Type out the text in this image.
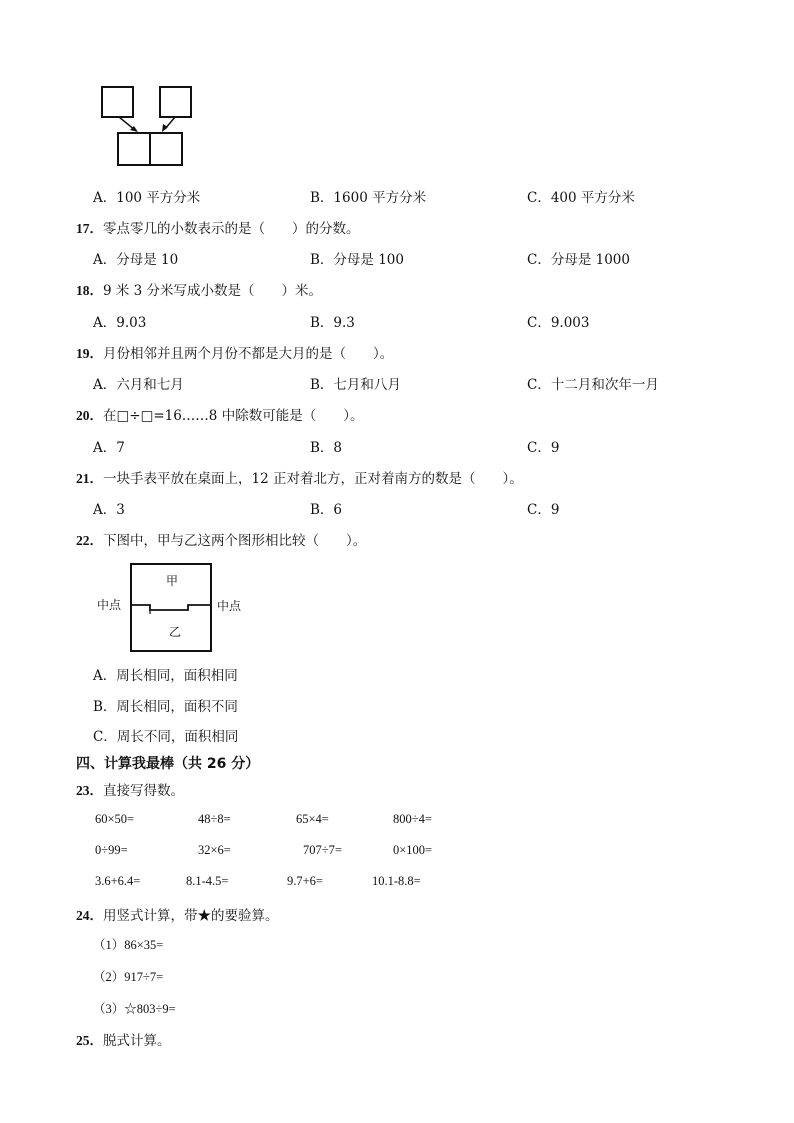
A．100 平方分米	B．1600 平方分米	C．400 平方分米
17．零点零几的小数表示的是（　　）的分数。
A．分母是 10	B．分母是 100	C．分母是 1000
18．9 米 3 分米写成小数是（　　）米。
A．9.03	B．9.3	C．9.003
19．月份相邻并且两个月份不都是大月的是（　　）。
A．六月和七月	B．七月和八月	C．十二月和次年一月
20．在□÷□=16……8 中除数可能是（　　）。
A．7	B．8	C．9
21．一块手表平放在桌面上，12 正对着北方，正对着南方的数是（　　）。
A．3	B．6	C．9
22．下图中，甲与乙这两个图形相比较（　　）。
甲
乙
中点	中点
A．周长相同，面积相同
B．周长相同，面积不同
C．周长不同，面积相同
四、计算我最棒（共 26 分）
23．直接写得数。
60×50=	48÷8=	65×4=	800÷4=
0÷99=	32×6=	707÷7=	0×100=
3.6+6.4=	8.1-4.5=	9.7+6=	10.1-8.8=
24．用竖式计算，带★的要验算。
（1）86×35=
（2）917÷7=
（3）☆803÷9=
25．脱式计算。
